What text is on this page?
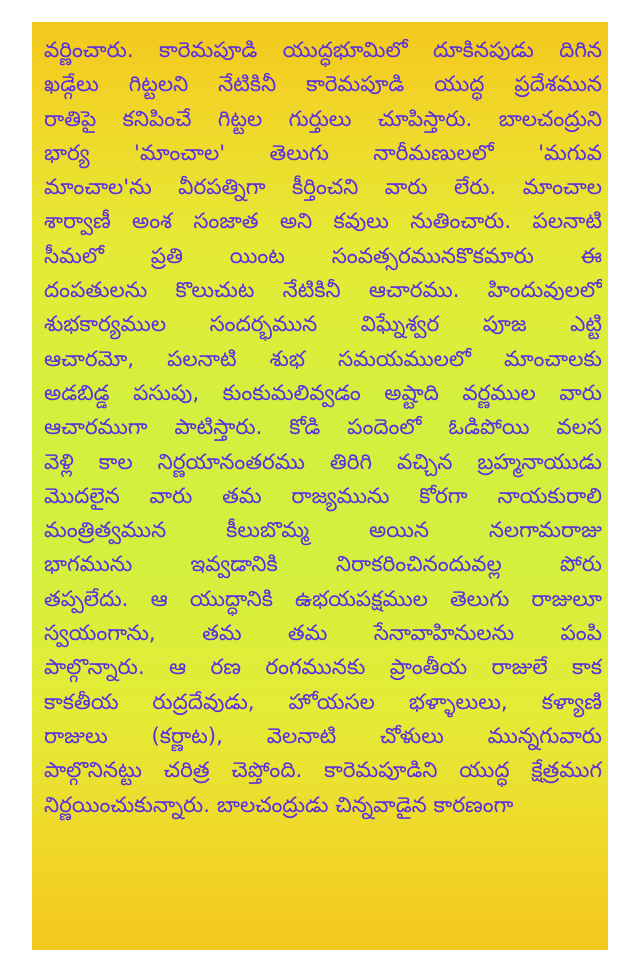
వర్ణించారు. కారెమపూడి యుద్ధభూమిలో దూకినపుడు దిగిన
ఖడ్గేలు గిట్టలని నేటికినీ కారెమపూడి యుద్ధ ప్రదేశమున
రాతిపై కనిపించే గిట్టల గుర్తులు చూపిస్తారు. బాలచంద్రుని
భార్య 'మాంచాల' తెలుగు నారీమణులలో 'మగువ
మాంచాల'ను వీరపత్నిగా కీర్తించని వారు లేరు. మాంచాల
శార్వాణీ అంశ సంజాత అని కవులు నుతించారు. పలనాటి
సీమలో ప్రతి యింట సంవత్సరమునకొకమారు ఈ
దంపతులను కొలుచుట నేటికినీ ఆచారము. హిందువులలో
శుభకార్యముల సందర్భమున విఘ్నేశ్వర పూజ ఎట్టి
ఆచారమో, పలనాటి శుభ సమయములలో మాంచాలకు
అడబిడ్డ పసుపు, కుంకుమలివ్వడం అష్టాది వర్ణముల వారు
ఆచారముగా పాటిస్తారు. కోడి పందెంలో ఓడిపోయి వలస
వెళ్లి కాల నిర్ణయానంతరము తిరిగి వచ్చిన బ్రహ్మనాయుడు
మొదలైన వారు తమ రాజ్యమును కోరగా నాయకురాలి
మంత్రిత్వమున కీలుబొమ్మ అయిన నలగామరాజు
భాగమును ఇవ్వడానికి నిరాకరించినందువల్ల పోరు
తప్పలేదు. ఆ యుద్ధానికి ఉభయపక్షముల తెలుగు రాజులూ
స్వయంగాను, తమ తమ సేనావాహినులను పంపి
పాల్గొన్నారు. ఆ రణ రంగమునకు ప్రాంతీయ రాజులే కాక
కాకతీయ రుద్రదేవుడు, హోయసల భళ్ళాలులు, కళ్యాణి
రాజులు (కర్ణాట), వెలనాటి చోళులు మున్నగువారు
పాల్గొనినట్టు చరిత్ర చెప్తోంది. కారెమపూడిని యుద్ధ క్షేత్రముగ
నిర్ణయించుకున్నారు. బాలచంద్రుడు చిన్నవాడైన కారణంగా
